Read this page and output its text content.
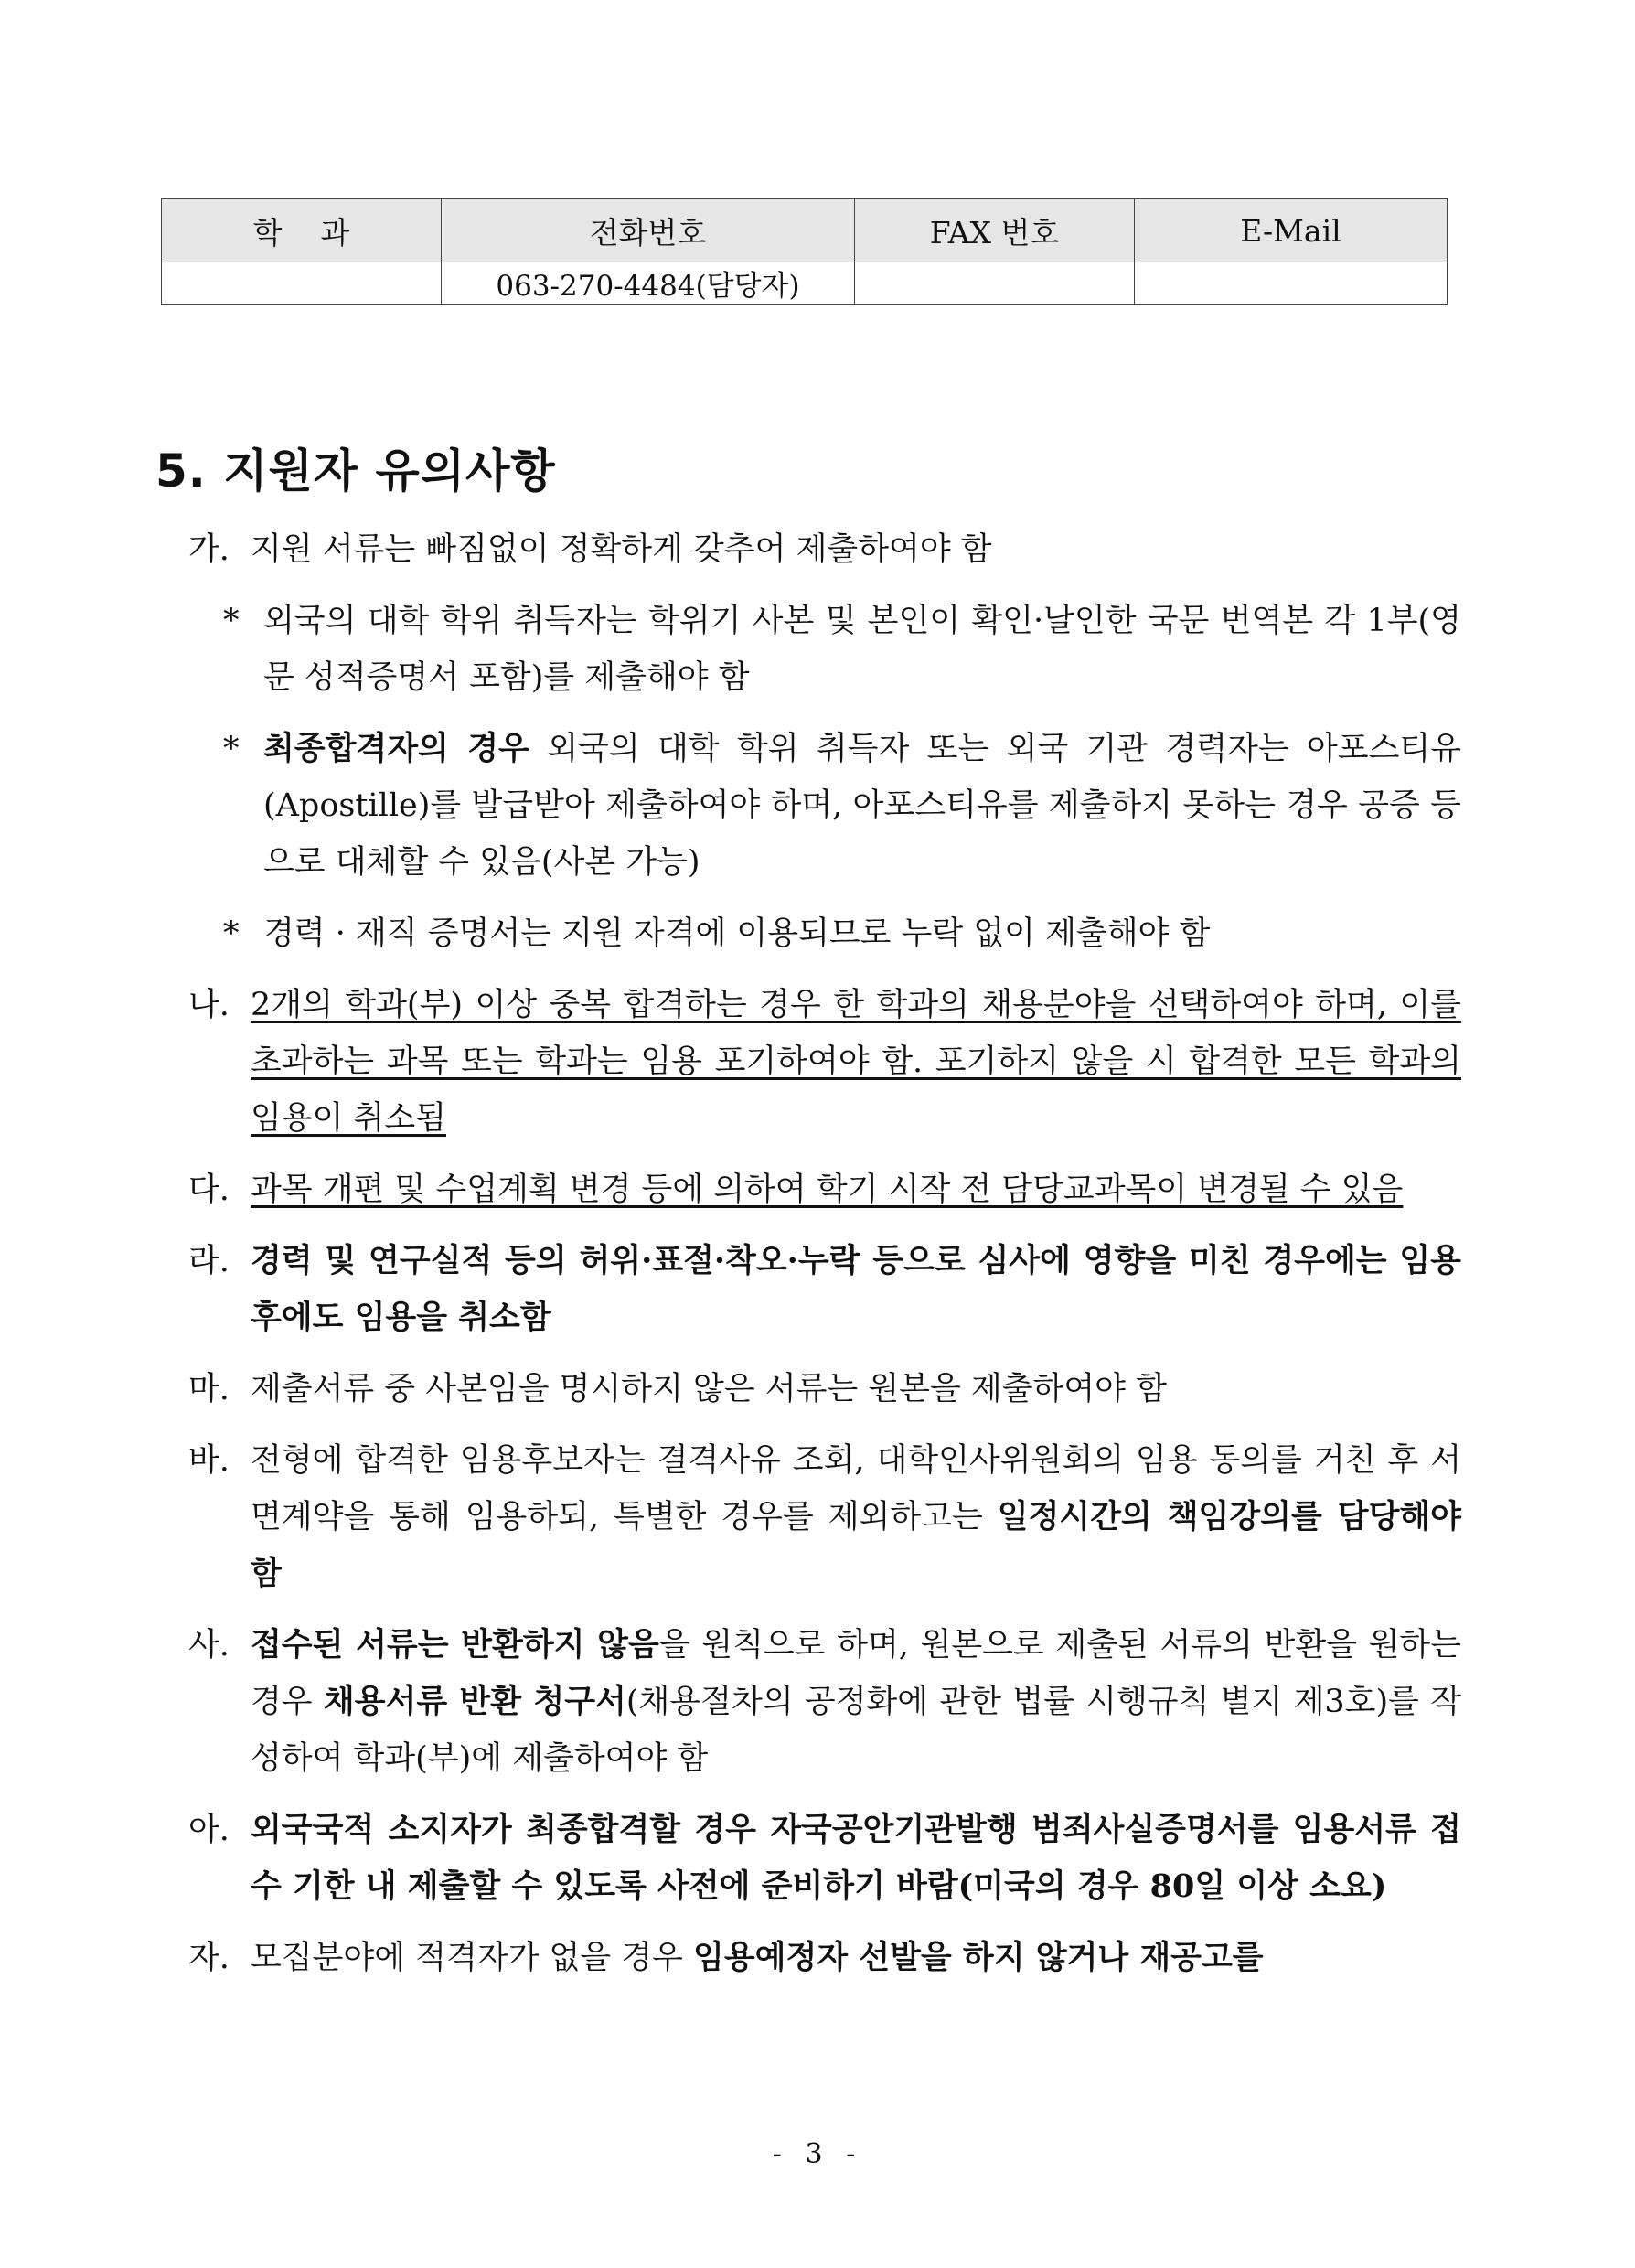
학    과	전화번호	FAX 번호	E-Mail
	063-270-4484(담당자)		
5. 지원자 유의사항
가. 지원 서류는 빠짐없이 정확하게 갖추어 제출하여야 함
* 외국의 대학 학위 취득자는 학위기 사본 및 본인이 확인·날인한 국문 번역본 각 1부(영문 성적증명서 포함)를 제출해야 함
* 최종합격자의 경우 외국의 대학 학위 취득자 또는 외국 기관 경력자는 아포스티유(Apostille)를 발급받아 제출하여야 하며, 아포스티유를 제출하지 못하는 경우 공증 등으로 대체할 수 있음(사본 가능)
* 경력 · 재직 증명서는 지원 자격에 이용되므로 누락 없이 제출해야 함
나. 2개의 학과(부) 이상 중복 합격하는 경우 한 학과의 채용분야을 선택하여야 하며, 이를 초과하는 과목 또는 학과는 임용 포기하여야 함. 포기하지 않을 시 합격한 모든 학과의 임용이 취소됨
다. 과목 개편 및 수업계획 변경 등에 의하여 학기 시작 전 담당교과목이 변경될 수 있음
라. 경력 및 연구실적 등의 허위·표절·착오·누락 등으로 심사에 영향을 미친 경우에는 임용 후에도 임용을 취소함
마. 제출서류 중 사본임을 명시하지 않은 서류는 원본을 제출하여야 함
바. 전형에 합격한 임용후보자는 결격사유 조회, 대학인사위원회의 임용 동의를 거친 후 서면계약을 통해 임용하되, 특별한 경우를 제외하고는 일정시간의 책임강의를 담당해야 함
사. 접수된 서류는 반환하지 않음을 원칙으로 하며, 원본으로 제출된 서류의 반환을 원하는 경우 채용서류 반환 청구서(채용절차의 공정화에 관한 법률 시행규칙 별지 제3호)를 작성하여 학과(부)에 제출하여야 함
아. 외국국적 소지자가 최종합격할 경우 자국공안기관발행 범죄사실증명서를 임용서류 접수 기한 내 제출할 수 있도록 사전에 준비하기 바람(미국의 경우 80일 이상 소요)
자. 모집분야에 적격자가 없을 경우 임용예정자 선발을 하지 않거나 재공고를
- 3 -
